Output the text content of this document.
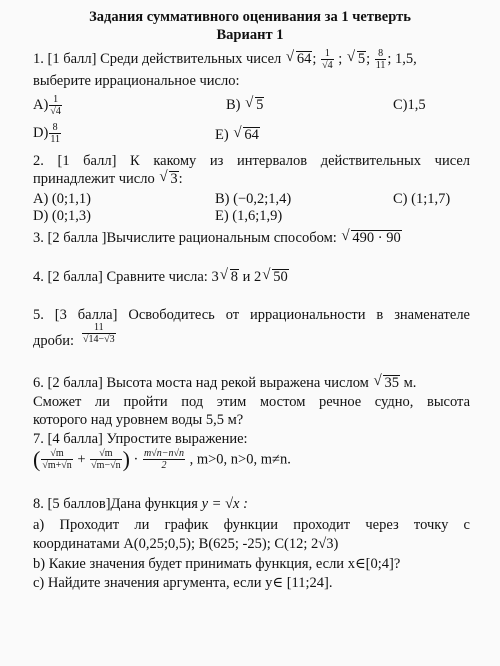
Задания суммативного оценивания за 1 четверть
Вариант 1
1. [1 балл] Среди действительных чисел √ 64; $\frac{1}{√4}$ ; √ 5; $\frac{8}{11}$ ; 1,5,
выберите иррациональное число:
$А) \frac{1}{√4}$	В) √ 5	С)1,5
$D) \frac{8}{11}$	Е) √ 64
2. [1 балл] К какому из интервалов действительных чисел
принадлежит число √ 3:
А) (0;1,1)	В) (−0,2;1,4)	С) (1;1,7)
D) (0;1,3)	Е) (1,6;1,9)
3. [2 балла ]Вычислите рациональным способом: √ 490 · 90
4. [2 балла] Сравните числа: 3 √ 8 и 2 √ 50
5. [3 балла] Освободитесь от иррациональности в знаменателе
дроби: $\frac{11}{√14-√3}$
6. [2 балла] Высота моста над рекой выражена числом √ 35 м.
Сможет ли пройти под этим мостом речное судно, высота
которого над уровнем воды 5,5 м?
7. [4 балла] Упростите выражение:
( $\frac{√m}{√m+√n} + \frac{√m}{√m-√n}$ ) · $\frac{m√n-n√n}{2}$ , m>0, n>0, m≠n.
8. [5 баллов]Дана функция y = √x :
a) Проходит ли график функции проходит через точку с
координатами A(0,25;0,5); B(625; -25); C(12; 2√3)
b) Какие значения будет принимать функция, если x∈[0;4]?
c) Найдите значения аргумента, если y∈ [11;24].
